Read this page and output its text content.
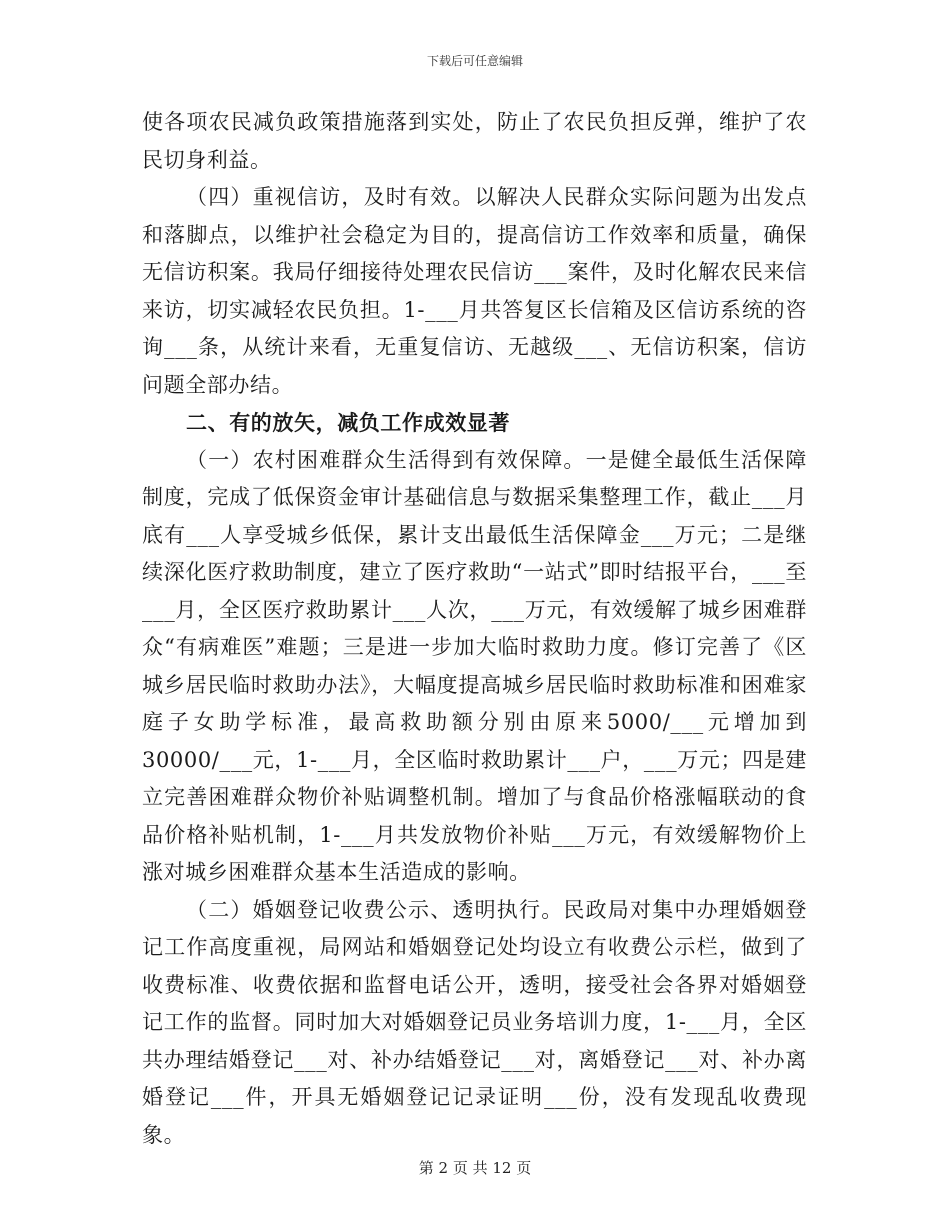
下载后可任意编辑

使各项农民减负政策措施落到实处，防止了农民负担反弹，维护了农民切身利益。

（四）重视信访，及时有效。以解决人民群众实际问题为出发点和落脚点，以维护社会稳定为目的，提高信访工作效率和质量，确保无信访积案。我局仔细接待处理农民信访___案件，及时化解农民来信来访，切实减轻农民负担。1-___月共答复区长信箱及区信访系统的咨询___条，从统计来看，无重复信访、无越级___、无信访积案，信访问题全部办结。

二、有的放矢，减负工作成效显著

（一）农村困难群众生活得到有效保障。一是健全最低生活保障制度，完成了低保资金审计基础信息与数据采集整理工作，截止___月底有___人享受城乡低保，累计支出最低生活保障金___万元；二是继续深化医疗救助制度，建立了医疗救助“一站式”即时结报平台，___至___月，全区医疗救助累计___人次，___万元，有效缓解了城乡困难群众“有病难医”难题；三是进一步加大临时救助力度。修订完善了《区城乡居民临时救助办法》，大幅度提高城乡居民临时救助标准和困难家庭子女助学标准，最高救助额分别由原来5000/___元增加到30000/___元，1-___月，全区临时救助累计___户，___万元；四是建立完善困难群众物价补贴调整机制。增加了与食品价格涨幅联动的食品价格补贴机制，1-___月共发放物价补贴___万元，有效缓解物价上涨对城乡困难群众基本生活造成的影响。

（二）婚姻登记收费公示、透明执行。民政局对集中办理婚姻登记工作高度重视，局网站和婚姻登记处均设立有收费公示栏，做到了收费标准、收费依据和监督电话公开，透明，接受社会各界对婚姻登记工作的监督。同时加大对婚姻登记员业务培训力度，1-___月，全区共办理结婚登记___对、补办结婚登记___对，离婚登记___对、补办离婚登记___件，开具无婚姻登记记录证明___份，没有发现乱收费现象。

第 2 页 共 12 页
